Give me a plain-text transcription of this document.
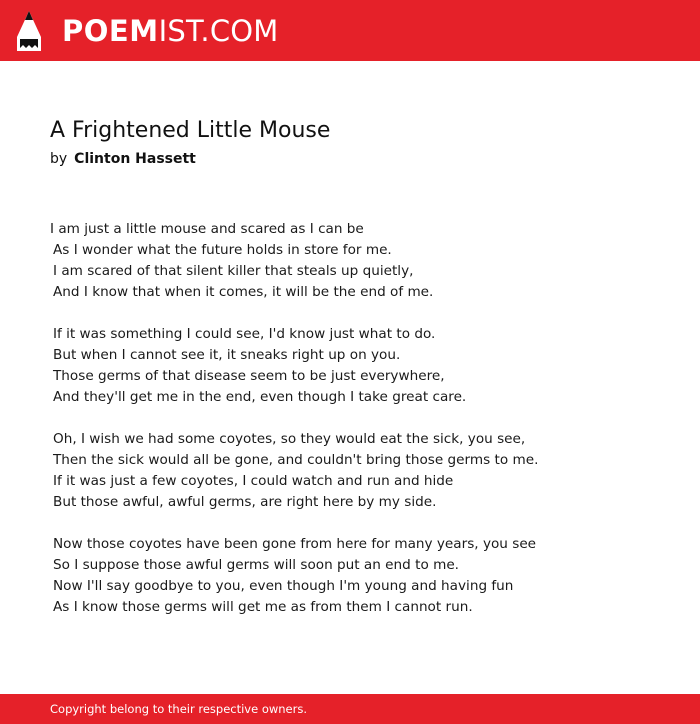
POEMIST.COM
A Frightened Little Mouse
by Clinton Hassett
I am just a little mouse and scared as I can be
As I wonder what the future holds in store for me.
I am scared of that silent killer that steals up quietly,
And I know that when it comes, it will be the end of me.
If it was something I could see, I'd know just what to do.
But when I cannot see it, it sneaks right up on you.
Those germs of that disease seem to be just everywhere,
And they'll get me in the end, even though I take great care.
Oh, I wish we had some coyotes, so they would eat the sick, you see,
Then the sick would all be gone, and couldn't bring those germs to me.
If it was just a few coyotes, I could watch and run and hide
But those awful, awful germs, are right here by my side.
Now those coyotes have been gone from here for many years, you see
So I suppose those awful germs will soon put an end to me.
Now I'll say goodbye to you, even though I'm young and having fun
As I know those germs will get me as from them I cannot run.
Copyright belong to their respective owners.
